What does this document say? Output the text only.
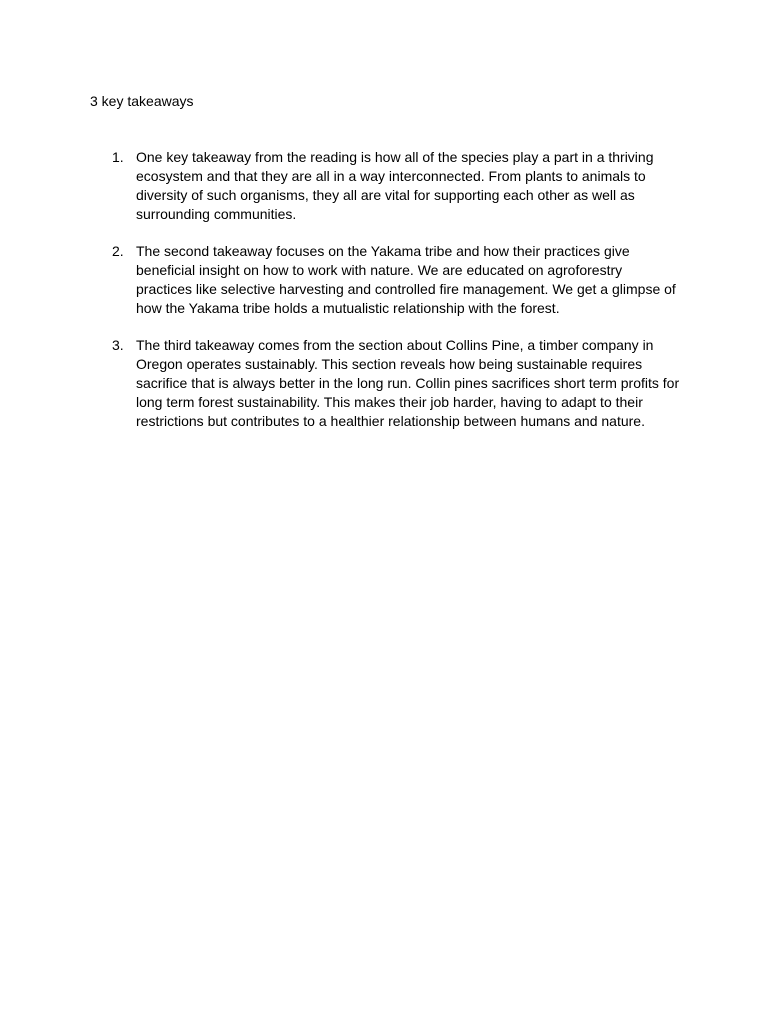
3 key takeaways
1. One key takeaway from the reading is how all of the species play a part in a thriving ecosystem and that they are all in a way interconnected. From plants to animals to diversity of such organisms, they all are vital for supporting each other as well as surrounding communities.
2. The second takeaway focuses on the Yakama tribe and how their practices give beneficial insight on how to work with nature. We are educated on agroforestry practices like selective harvesting and controlled fire management. We get a glimpse of how the Yakama tribe holds a mutualistic relationship with the forest.
3. The third takeaway comes from the section about Collins Pine, a timber company in Oregon operates sustainably. This section reveals how being sustainable requires sacrifice that is always better in the long run. Collin pines sacrifices short term profits for long term forest sustainability. This makes their job harder, having to adapt to their restrictions but contributes to a healthier relationship between humans and nature.
